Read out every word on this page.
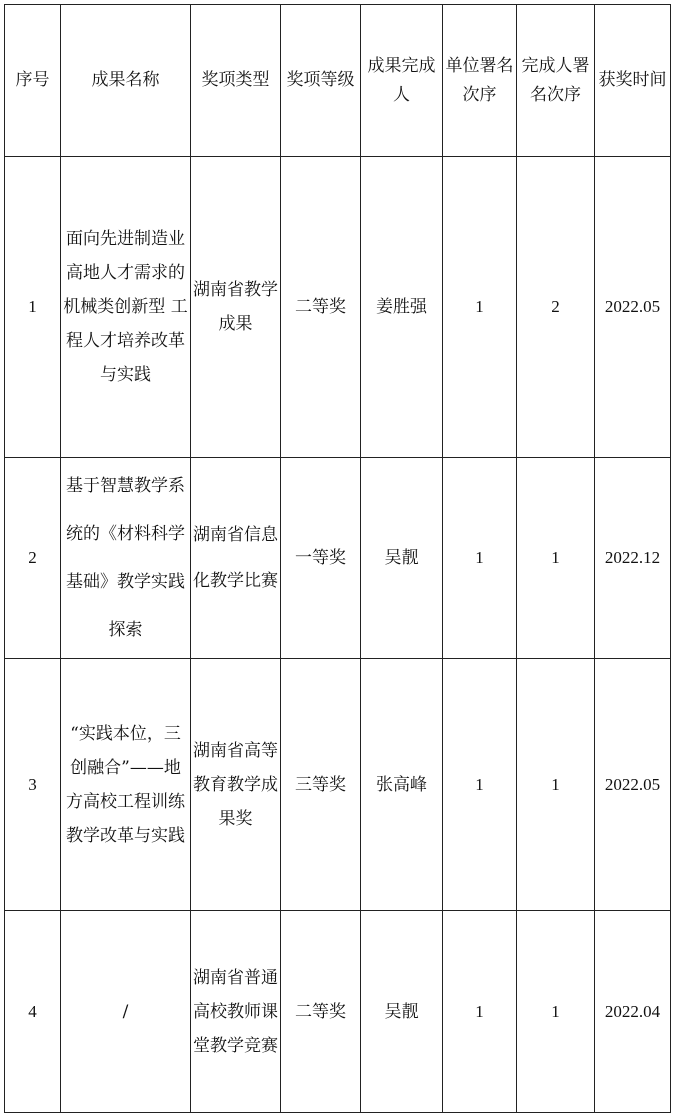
序号	成果名称	奖项类型	奖项等级	成果完成人	单位署名次序	完成人署名次序	获奖时间
1	面向先进制造业高地人才需求的机械类创新型 工程人才培养改革与实践	湖南省教学成果	二等奖	姜胜强	1	2	2022.05
2	基于智慧教学系统的《材料科学基础》教学实践探索	湖南省信息化教学比赛	一等奖	吴靓	1	1	2022.12
3	“实践本位，三创融合”——地方高校工程训练教学改革与实践	湖南省高等教育教学成果奖	三等奖	张高峰	1	1	2022.05
4	/	湖南省普通高校教师课堂教学竞赛	二等奖	吴靓	1	1	2022.04
